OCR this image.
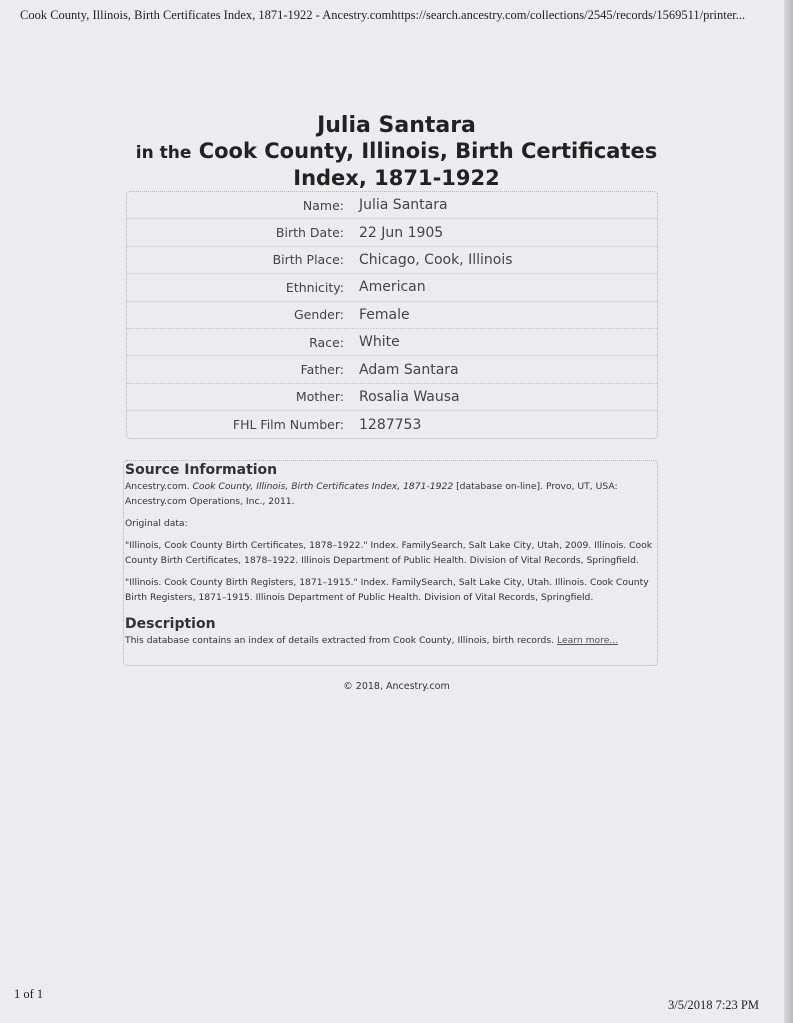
Cook County, Illinois, Birth Certificates Index, 1871-1922 - Ancestry.comhttps://search.ancestry.com/collections/2545/records/1569511/printer...
Julia Santara
in the Cook County, Illinois, Birth Certificates
Index, 1871-1922
Name:	Julia Santara
Birth Date:	22 Jun 1905
Birth Place:	Chicago, Cook, Illinois
Ethnicity:	American
Gender:	Female
Race:	White
Father:	Adam Santara
Mother:	Rosalia Wausa
FHL Film Number:	1287753
Source Information

Ancestry.com. Cook County, Illinois, Birth Certificates Index, 1871-1922 [database on-line]. Provo, UT, USA: Ancestry.com Operations, Inc., 2011.

Original data:

"Illinois, Cook County Birth Certificates, 1878–1922." Index. FamilySearch, Salt Lake City, Utah, 2009. Illinois. Cook County Birth Certificates, 1878–1922. Illinois Department of Public Health. Division of Vital Records, Springfield.

"Illinois. Cook County Birth Registers, 1871–1915." Index. FamilySearch, Salt Lake City, Utah. Illinois. Cook County Birth Registers, 1871–1915. Illinois Department of Public Health. Division of Vital Records, Springfield.

Description

This database contains an index of details extracted from Cook County, Illinois, birth records. Learn more...

© 2018, Ancestry.com
1 of 1
3/5/2018 7:23 PM
